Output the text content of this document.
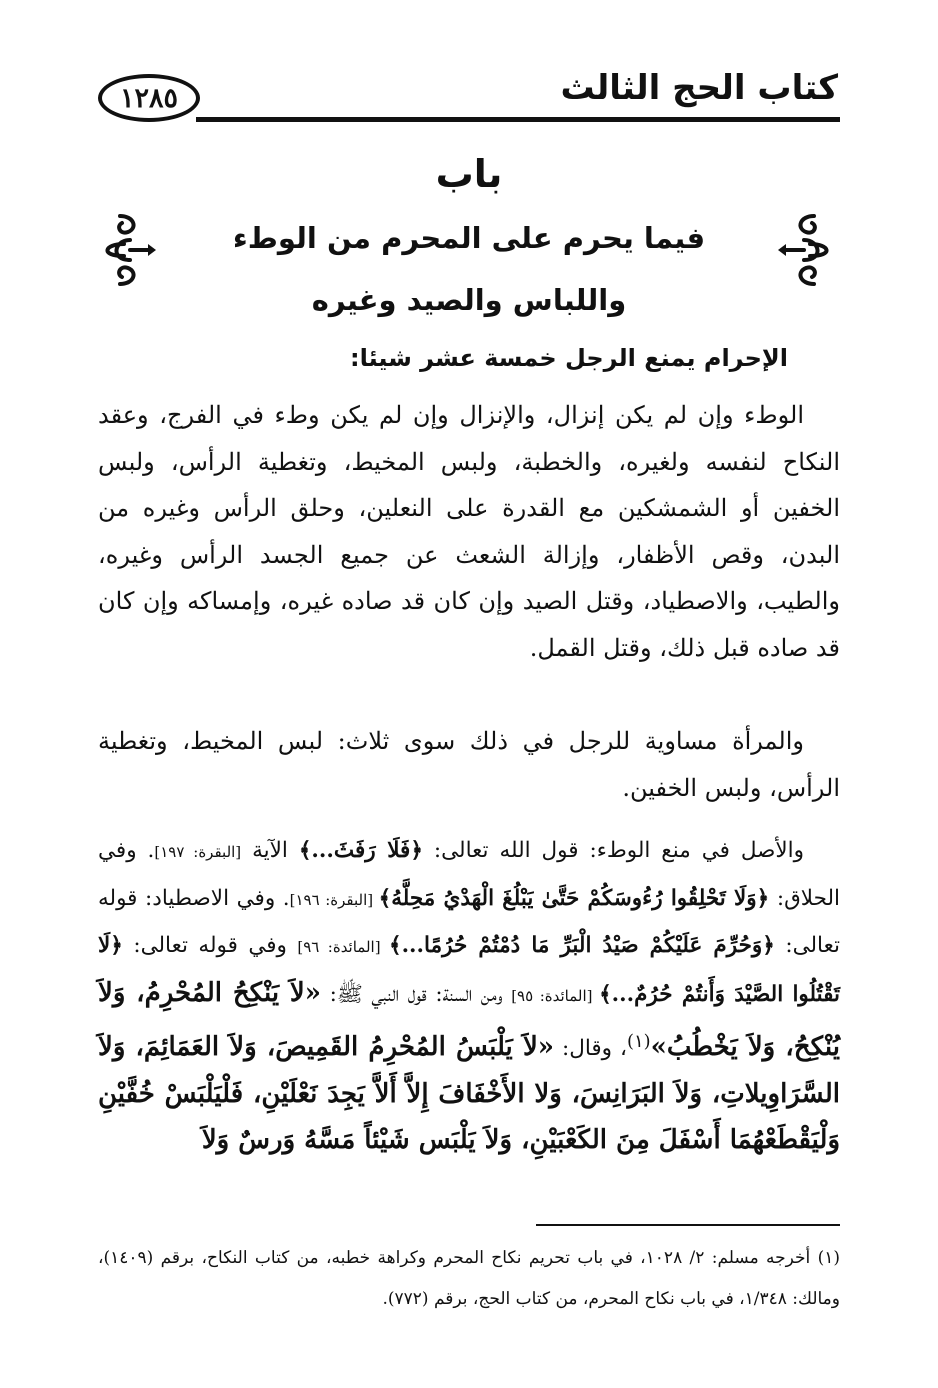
كتاب الحج الثالث
١٢٨٥
باب
فيما يحرم على المحرم من الوطء
واللباس والصيد وغيره
الإحرام يمنع الرجل خمسة عشر شيئا:
الوطء وإن لم يكن إنزال، والإنزال وإن لم يكن وطء في الفرج، وعقد النكاح لنفسه ولغيره، والخطبة، ولبس المخيط، وتغطية الرأس، ولبس الخفين أو الشمشكين مع القدرة على النعلين، وحلق الرأس وغيره من البدن، وقص الأظفار، وإزالة الشعث عن جميع الجسد الرأس وغيره، والطيب، والاصطياد، وقتل الصيد وإن كان قد صاده غيره، وإمساكه وإن كان قد صاده قبل ذلك، وقتل القمل.
والمرأة مساوية للرجل في ذلك سوى ثلاث: لبس المخيط، وتغطية الرأس، ولبس الخفين.
والأصل في منع الوطء: قول الله تعالى: ﴿فَلَا رَفَثَ...﴾ الآية [البقرة: ١٩٧]. وفي الحلاق: ﴿وَلَا تَحْلِقُوا رُءُوسَكُمْ حَتَّىٰ يَبْلُغَ الْهَدْيُ مَحِلَّهُ﴾ [البقرة: ١٩٦]. وفي الاصطياد: قوله تعالى: ﴿وَحُرِّمَ عَلَيْكُمْ صَيْدُ الْبَرِّ مَا دُمْتُمْ حُرُمًا...﴾ [المائدة: ٩٦] وفي قوله تعالى: ﴿لَا تَقْتُلُوا الصَّيْدَ وَأَنتُمْ حُرُمٌ...﴾ [المائدة: ٩٥] ومن السنة: قول النبي ﷺ: «لاَ يَنْكِحُ المُحْرِمُ، وَلاَ يُنْكِحُ، وَلاَ يَخْطُبُ»$^{(١)}$، وقال: «لاَ يَلْبَسُ المُحْرِمُ القَمِيصَ، وَلاَ العَمَائِمَ، وَلاَ السَّرَاوِيلاتِ، وَلاَ البَرَانِسَ، وَلا الأَخْفَافَ إِلاَّ أَلاَّ يَجِدَ نَعْلَيْنِ، فَلْيَلْبَسْ خُفَّيْنِ وَلْيَقْطَعْهُمَا أَسْفَلَ مِنَ الكَعْبَيْنِ، وَلاَ يَلْبَس شَيْئاً مَسَّهُ وَرسٌ وَلاَ
(١) أخرجه مسلم: ٢/ ١٠٢٨، في باب تحريم نكاح المحرم وكراهة خطبه، من كتاب النكاح، برقم (١٤٠٩)، ومالك: ١/٣٤٨، في باب نكاح المحرم، من كتاب الحج، برقم (٧٧٢).
